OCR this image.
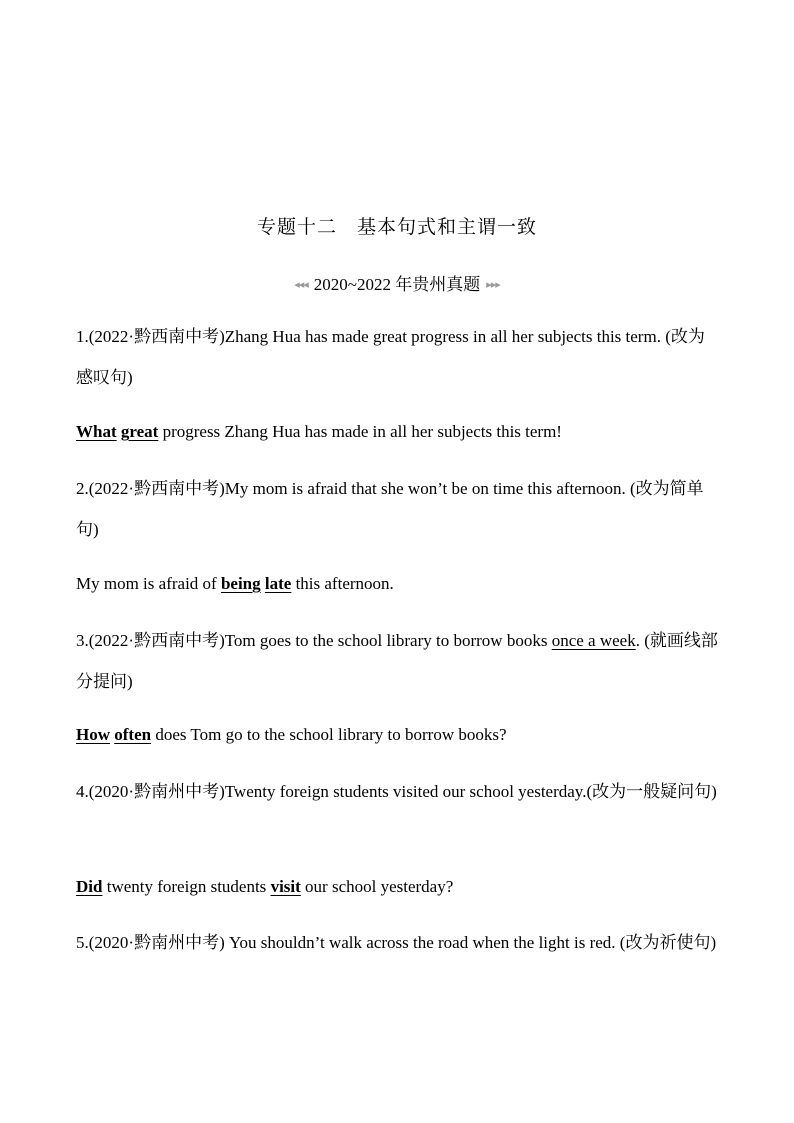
专题十二　基本句式和主谓一致
◂◂◂ 2020~2022 年贵州真题 ▸▸▸
1.(2022·黔西南中考)Zhang Hua has made great progress in all her subjects this term. (改为感叹句)
What great progress Zhang Hua has made in all her subjects this term!
2.(2022·黔西南中考)My mom is afraid that she won’t be on time this afternoon. (改为简单句)
My mom is afraid of being late this afternoon.
3.(2022·黔西南中考)Tom goes to the school library to borrow books once a week. (就画线部分提问)
How often does Tom go to the school library to borrow books?
4.(2020·黔南州中考)Twenty foreign students visited our school yesterday.(改为一般疑问句)
Did twenty foreign students visit our school yesterday?
5.(2020·黔南州中考) You shouldn’t walk across the road when the light is red. (改为祈使句)
